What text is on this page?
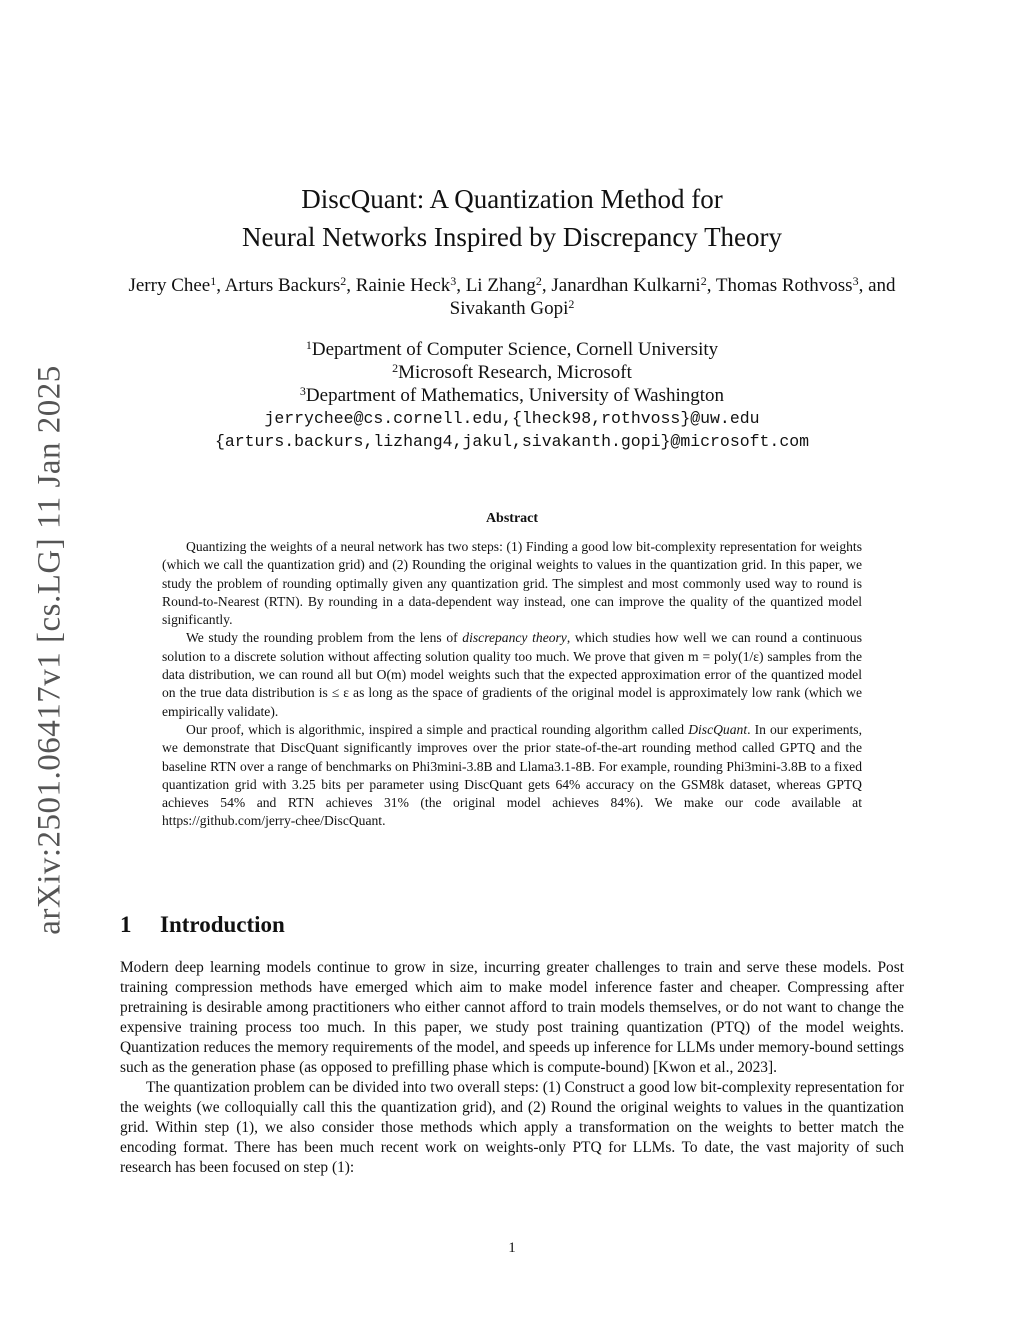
arXiv:2501.06417v1 [cs.LG] 11 Jan 2025
DiscQuant: A Quantization Method for
Neural Networks Inspired by Discrepancy Theory
Jerry Chee$^1$, Arturs Backurs$^2$, Rainie Heck$^3$, Li Zhang$^2$, Janardhan Kulkarni$^2$, Thomas Rothvoss$^3$, and Sivakanth Gopi$^2$
$^1$Department of Computer Science, Cornell University
$^2$Microsoft Research, Microsoft
$^3$Department of Mathematics, University of Washington
jerrychee@cs.cornell.edu,{lheck98,rothvoss}@uw.edu
{arturs.backurs,lizhang4,jakul,sivakanth.gopi}@microsoft.com
Abstract

Quantizing the weights of a neural network has two steps: (1) Finding a good low bit-complexity representation for weights (which we call the quantization grid) and (2) Rounding the original weights to values in the quantization grid. In this paper, we study the problem of rounding optimally given any quantization grid. The simplest and most commonly used way to round is Round-to-Nearest (RTN). By rounding in a data-dependent way instead, one can improve the quality of the quantized model significantly.

We study the rounding problem from the lens of discrepancy theory, which studies how well we can round a continuous solution to a discrete solution without affecting solution quality too much. We prove that given m = poly(1/ε) samples from the data distribution, we can round all but O(m) model weights such that the expected approximation error of the quantized model on the true data distribution is ≤ ε as long as the space of gradients of the original model is approximately low rank (which we empirically validate).

Our proof, which is algorithmic, inspired a simple and practical rounding algorithm called DiscQuant. In our experiments, we demonstrate that DiscQuant significantly improves over the prior state-of-the-art rounding method called GPTQ and the baseline RTN over a range of benchmarks on Phi3mini-3.8B and Llama3.1-8B. For example, rounding Phi3mini-3.8B to a fixed quantization grid with 3.25 bits per parameter using DiscQuant gets 64% accuracy on the GSM8k dataset, whereas GPTQ achieves 54% and RTN achieves 31% (the original model achieves 84%). We make our code available at https://github.com/jerry-chee/DiscQuant.

1 Introduction

Modern deep learning models continue to grow in size, incurring greater challenges to train and serve these models. Post training compression methods have emerged which aim to make model inference faster and cheaper. Compressing after pretraining is desirable among practitioners who either cannot afford to train models themselves, or do not want to change the expensive training process too much. In this paper, we study post training quantization (PTQ) of the model weights. Quantization reduces the memory requirements of the model, and speeds up inference for LLMs under memory-bound settings such as the generation phase (as opposed to prefilling phase which is compute-bound) [Kwon et al., 2023].

The quantization problem can be divided into two overall steps: (1) Construct a good low bit-complexity representation for the weights (we colloquially call this the quantization grid), and (2) Round the original weights to values in the quantization grid. Within step (1), we also consider those methods which apply a transformation on the weights to better match the encoding format. There has been much recent work on weights-only PTQ for LLMs. To date, the vast majority of such research has been focused on step (1):

1
